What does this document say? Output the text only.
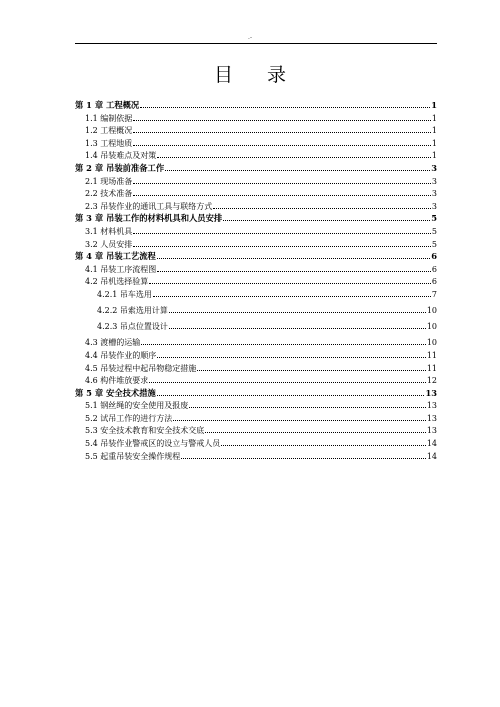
.-
目 录
第 1 章 工程概况	1
1.1 编制依据	1
1.2 工程概况	1
1.3 工程地质	1
1.4 吊装难点及对策	1
第 2 章 吊装前准备工作	3
2.1 现场准备	3
2.2 技术准备	3
2.3 吊装作业的通讯工具与联络方式	3
第 3 章 吊装工作的材料机具和人员安排	5
3.1 材料机具	5
3.2 人员安排	5
第 4 章 吊装工艺流程	6
4.1 吊装工序流程图	6
4.2 吊机选择验算	6
4.2.1 吊车选用	7
4.2.2 吊索选用计算	10
4.2.3 吊点位置设计	10
4.3 渡槽的运输	10
4.4 吊装作业的顺序	11
4.5 吊装过程中起吊物稳定措施	11
4.6 构件堆放要求	12
第 5 章 安全技术措施	13
5.1 钢丝绳的安全使用及报废	13
5.2 试吊工作的进行方法	13
5.3 安全技术教育和安全技术交底	13
5.4 吊装作业警戒区的设立与警戒人员	14
5.5 起重吊装安全操作规程	14
